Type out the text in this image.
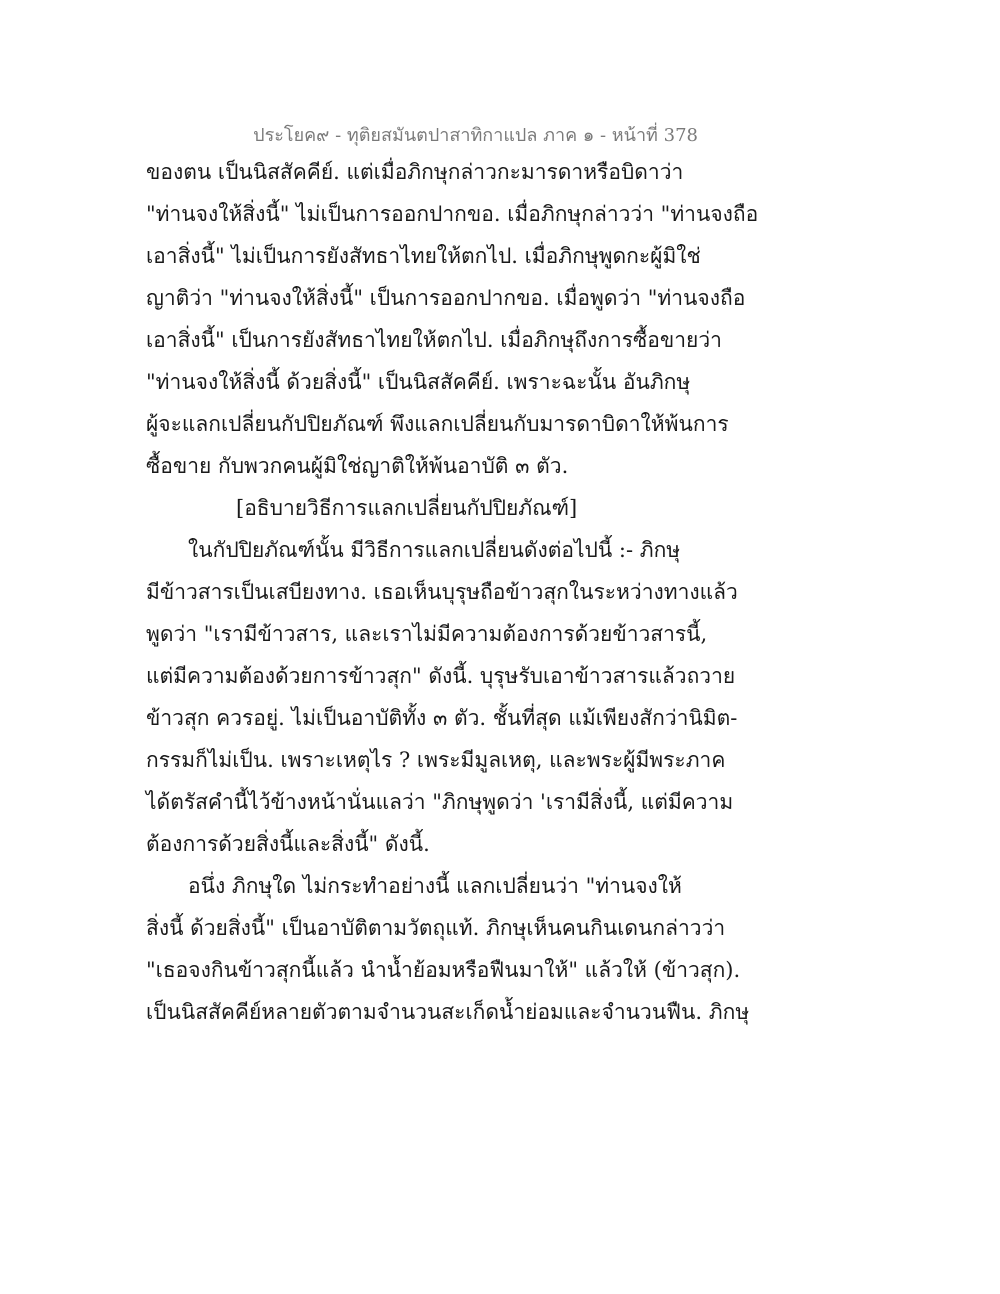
ประโยค๙ - ทุติยสมันตปาสาทิกาแปล ภาค ๑ - หน้าที่ 378
ของตน เป็นนิสสัคคีย์. แต่เมื่อภิกษุกล่าวกะมารดาหรือบิดาว่า
"ท่านจงให้สิ่งนี้" ไม่เป็นการออกปากขอ. เมื่อภิกษุกล่าวว่า "ท่านจงถือ
เอาสิ่งนี้" ไม่เป็นการยังสัทธาไทยให้ตกไป. เมื่อภิกษุพูดกะผู้มิใช่
ญาติว่า "ท่านจงให้สิ่งนี้" เป็นการออกปากขอ. เมื่อพูดว่า "ท่านจงถือ
เอาสิ่งนี้" เป็นการยังสัทธาไทยให้ตกไป. เมื่อภิกษุถึงการซื้อขายว่า
"ท่านจงให้สิ่งนี้ ด้วยสิ่งนี้" เป็นนิสสัคคีย์. เพราะฉะนั้น อันภิกษุ
ผู้จะแลกเปลี่ยนกัปปิยภัณฑ์ พึงแลกเปลี่ยนกับมารดาบิดาให้พ้นการ
ซื้อขาย กับพวกคนผู้มิใช่ญาติให้พ้นอาบัติ ๓ ตัว.
[อธิบายวิธีการแลกเปลี่ยนกัปปิยภัณฑ์]
ในกัปปิยภัณฑ์นั้น มีวิธีการแลกเปลี่ยนดังต่อไปนี้ :- ภิกษุ
มีข้าวสารเป็นเสบียงทาง. เธอเห็นบุรุษถือข้าวสุกในระหว่างทางแล้ว
พูดว่า "เรามีข้าวสาร, และเราไม่มีความต้องการด้วยข้าวสารนี้,
แต่มีความต้องด้วยการข้าวสุก" ดังนี้. บุรุษรับเอาข้าวสารแล้วถวาย
ข้าวสุก ควรอยู่. ไม่เป็นอาบัติทั้ง ๓ ตัว. ชั้นที่สุด แม้เพียงสักว่านิมิต-
กรรมก็ไม่เป็น. เพราะเหตุไร ? เพระมีมูลเหตุ, และพระผู้มีพระภาค
ได้ตรัสคำนี้ไว้ข้างหน้านั่นแลว่า "ภิกษุพูดว่า 'เรามีสิ่งนี้, แต่มีความ
ต้องการด้วยสิ่งนี้และสิ่งนี้" ดังนี้.
อนึ่ง ภิกษุใด ไม่กระทำอย่างนี้ แลกเปลี่ยนว่า "ท่านจงให้
สิ่งนี้ ด้วยสิ่งนี้" เป็นอาบัติตามวัตถุแท้. ภิกษุเห็นคนกินเดนกล่าวว่า
"เธอจงกินข้าวสุกนี้แล้ว นำน้ำย้อมหรือฟืนมาให้" แล้วให้ (ข้าวสุก).
เป็นนิสสัคคีย์หลายตัวตามจำนวนสะเก็ดน้ำย่อมและจำนวนฟืน. ภิกษุ
